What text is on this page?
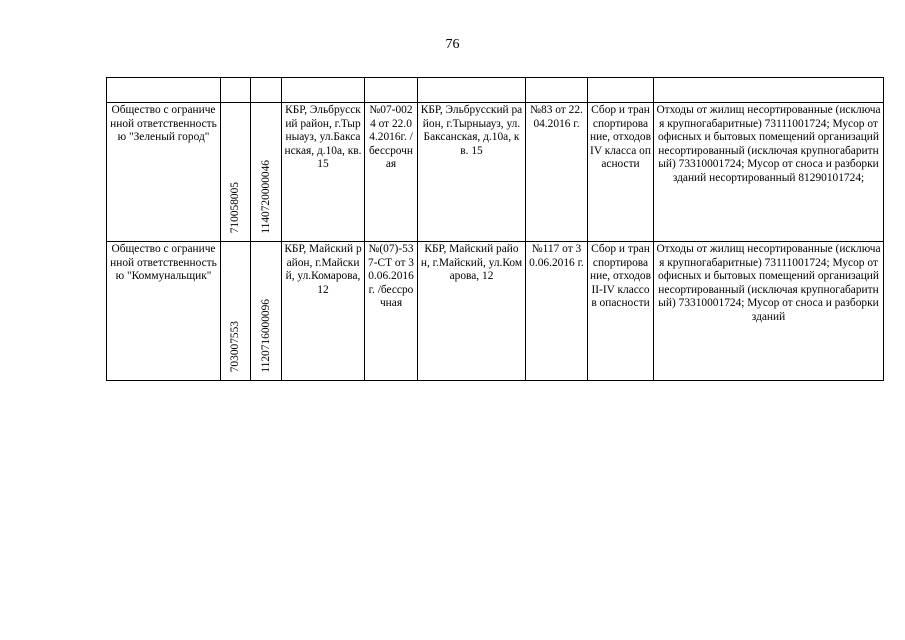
76

Общество с ограниченной ответственностью "Зеленый город"	710058005	1140720000046	КБР, Эльбрусский район, г.Тырныауз, ул.Баксанская, д.10а, кв. 15	№07-0024 от 22.04.2016г. /бессрочная	КБР, Эльбрусский район, г.Тырныауз, ул.Баксанская, д.10а, кв. 15	№83 от 22.04.2016 г.	Сбор и транспортирование, отходов IV класса опасности	Отходы от жилищ несортированные (исключая крупногабаритные) 73111001724; Мусор от офисных и бытовых помещений организаций несортированный (исключая крупногабаритный) 73310001724; Мусор от сноса и разборки зданий несортированный 81290101724;
Общество с ограниченной ответственностью "Коммунальщик"	703007553	1120716000096	КБР, Майский район, г.Майский, ул.Комарова, 12	№(07)-537-СТ от 30.06.2016 г. /бессрочная	КБР, Майский район, г.Майский, ул.Комарова, 12	№117 от 30.06.2016 г.	Сбор и транспортирование, отходов II-IV классов опасности	Отходы от жилищ несортированные (исключая крупногабаритные) 73111001724; Мусор от офисных и бытовых помещений организаций несортированный (исключая крупногабаритный) 73310001724; Мусор от сноса и разборки зданий
